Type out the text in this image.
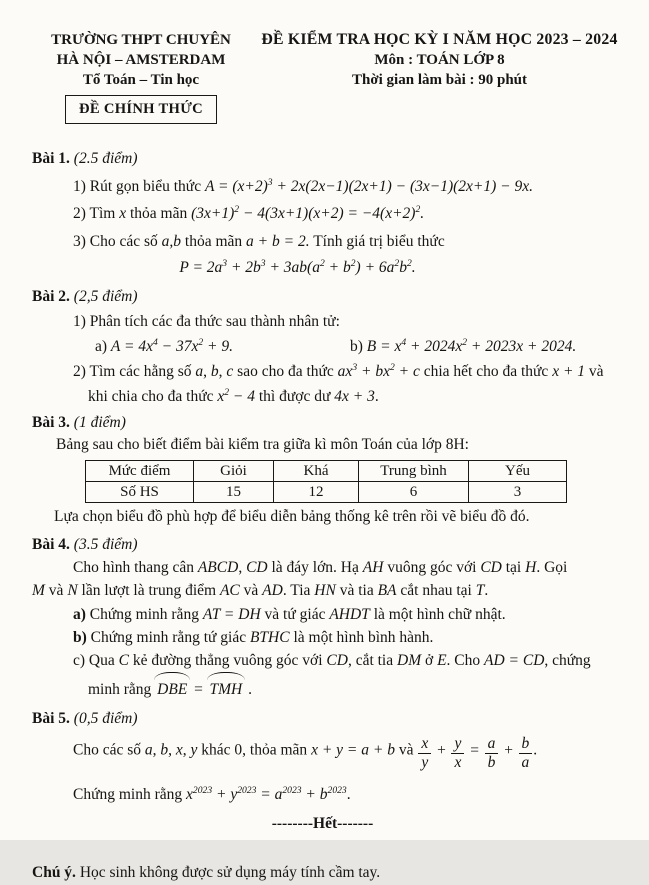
TRƯỜNG THPT CHUYÊN
HÀ NỘI – AMSTERDAM
Tổ Toán – Tin học
ĐỀ CHÍNH THỨC
ĐỀ KIỂM TRA HỌC KỲ I NĂM HỌC 2023 – 2024
Môn : TOÁN LỚP 8
Thời gian làm bài : 90 phút

Bài 1. (2.5 điểm)

1) Rút gọn biểu thức $A = (x+2)^3 + 2x(2x-1)(2x+1) - (3x-1)(2x+1) - 9x$.

2) Tìm x thỏa mãn $(3x+1)^2 - 4(3x+1)(x+2) = -4(x+2)^2$.

3) Cho các số a,b thỏa mãn a + b = 2. Tính giá trị biểu thức

$P = 2a^3 + 2b^3 + 3ab(a^2 + b^2) + 6a^2b^2$.

Bài 2. (2,5 điểm)

1) Phân tích các đa thức sau thành nhân tử:

a) $A = 4x^4 - 37x^2 + 9$.	b) $B = x^4 + 2024x^2 + 2023x + 2024$.

2) Tìm các hằng số a, b, c sao cho đa thức $ax^3 + bx^2 + c$ chia hết cho đa thức x + 1 và

khi chia cho đa thức $x^2 - 4$ thì được dư 4x + 3.

Bài 3. (1 điểm)

Bảng sau cho biết điểm bài kiểm tra giữa kì môn Toán của lớp 8H:

Mức điểm	Giỏi	Khá	Trung bình	Yếu
Số HS	15	12	6	3

Lựa chọn biểu đồ phù hợp để biểu diễn bảng thống kê trên rồi vẽ biểu đồ đó.

Bài 4. (3.5 điểm)

Cho hình thang cân ABCD, CD là đáy lớn. Hạ AH vuông góc với CD tại H. Gọi

M và N lần lượt là trung điểm AC và AD. Tia HN và tia BA cắt nhau tại T.

a) Chứng minh rằng AT = DH và tứ giác AHDT là một hình chữ nhật.

b) Chứng minh rằng tứ giác BTHC là một hình bình hành.

c) Qua C kẻ đường thẳng vuông góc với CD, cắt tia DM ở E. Cho AD = CD, chứng

minh rằng DBE = TMH .

Bài 5. (0,5 điểm)

Cho các số a, b, x, y khác 0, thỏa mãn x + y = a + b và $\frac{x}{y} + \frac{y}{x} = \frac{a}{b} + \frac{b}{a}$ .

Chứng minh rằng $x^{2023} + y^{2023} = a^{2023} + b^{2023}$.

--------Hết-------

Chú ý. Học sinh không được sử dụng máy tính cầm tay.
